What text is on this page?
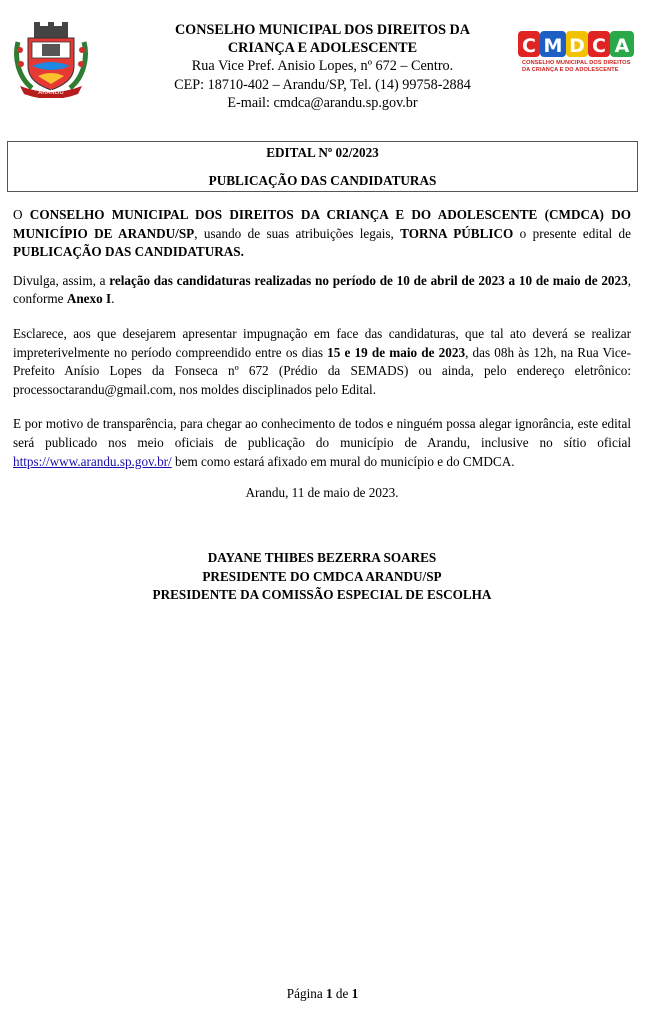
ARANDU
CONSELHO MUNICIPAL DOS DIREITOS DA
CRIANÇA E ADOLESCENTE
Rua Vice Pref. Anisio Lopes, nº 672 – Centro.
CEP: 18710-402 – Arandu/SP, Tel. (14) 99758-2884
E-mail: cmdca@arandu.sp.gov.br
C M D C A
CONSELHO MUNICIPAL DOS DIREITOS
DA CRIANÇA E DO ADOLESCENTE
EDITAL Nº 02/2023
PUBLICAÇÃO DAS CANDIDATURAS

O CONSELHO MUNICIPAL DOS DIREITOS DA CRIANÇA E DO ADOLESCENTE (CMDCA) DO MUNICÍPIO DE ARANDU/SP, usando de suas atribuições legais, TORNA PÚBLICO o presente edital de PUBLICAÇÃO DAS CANDIDATURAS.

Divulga, assim, a relação das candidaturas realizadas no período de 10 de abril de 2023 a 10 de maio de 2023, conforme Anexo I.

Esclarece, aos que desejarem apresentar impugnação em face das candidaturas, que tal ato deverá se realizar impreterivelmente no período compreendido entre os dias 15 e 19 de maio de 2023, das 08h às 12h, na Rua Vice-Prefeito Anísio Lopes da Fonseca nº 672 (Prédio da SEMADS) ou ainda, pelo endereço eletrônico: processoctarandu@gmail.com, nos moldes disciplinados pelo Edital.

E por motivo de transparência, para chegar ao conhecimento de todos e ninguém possa alegar ignorância, este edital será publicado nos meio oficiais de publicação do município de Arandu, inclusive no sítio oficial https://www.arandu.sp.gov.br/ bem como estará afixado em mural do município e do CMDCA.

Arandu, 11 de maio de 2023.
DAYANE THIBES BEZERRA SOARES
PRESIDENTE DO CMDCA ARANDU/SP
PRESIDENTE DA COMISSÃO ESPECIAL DE ESCOLHA
Página 1 de 1
